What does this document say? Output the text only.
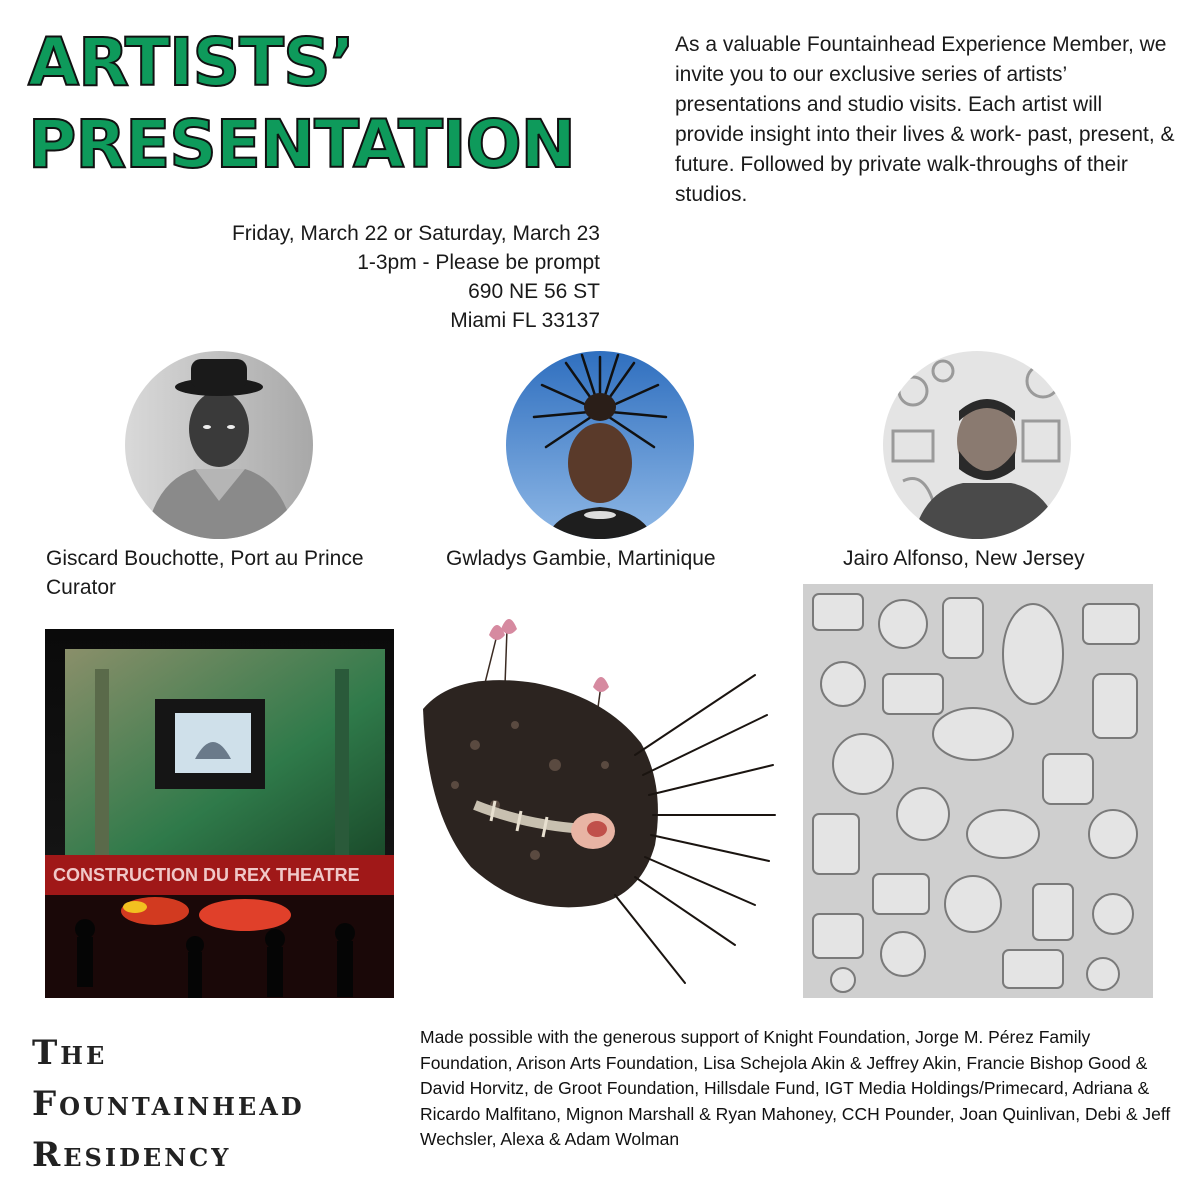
ARTISTS’
PRESENTATION

As a valuable Fountainhead Experience Member, we invite you to our exclusive series of artists’ presentations and studio visits. Each artist will provide insight into their lives & work- past, present, & future. Followed by private walk-throughs of their studios.

Friday, March 22 or Saturday, March 23
1-3pm - Please be prompt
690 NE 56 ST
Miami FL 33137
Giscard Bouchotte, Port au Prince
Curator
Gwladys Gambie, Martinique	Jairo Alfonso, New Jersey
CONSTRUCTION DU REX THEATRE
The
Fountainhead
Residency

Made possible with the generous support of Knight Foundation, Jorge M. Pérez Family Foundation, Arison Arts Foundation, Lisa Schejola Akin & Jeffrey Akin, Francie Bishop Good & David Horvitz, de Groot Foundation, Hillsdale Fund, IGT Media Holdings/Primecard, Adriana & Ricardo Malfitano, Mignon Marshall & Ryan Mahoney, CCH Pounder, Joan Quinlivan, Debi & Jeff Wechsler, Alexa & Adam Wolman
